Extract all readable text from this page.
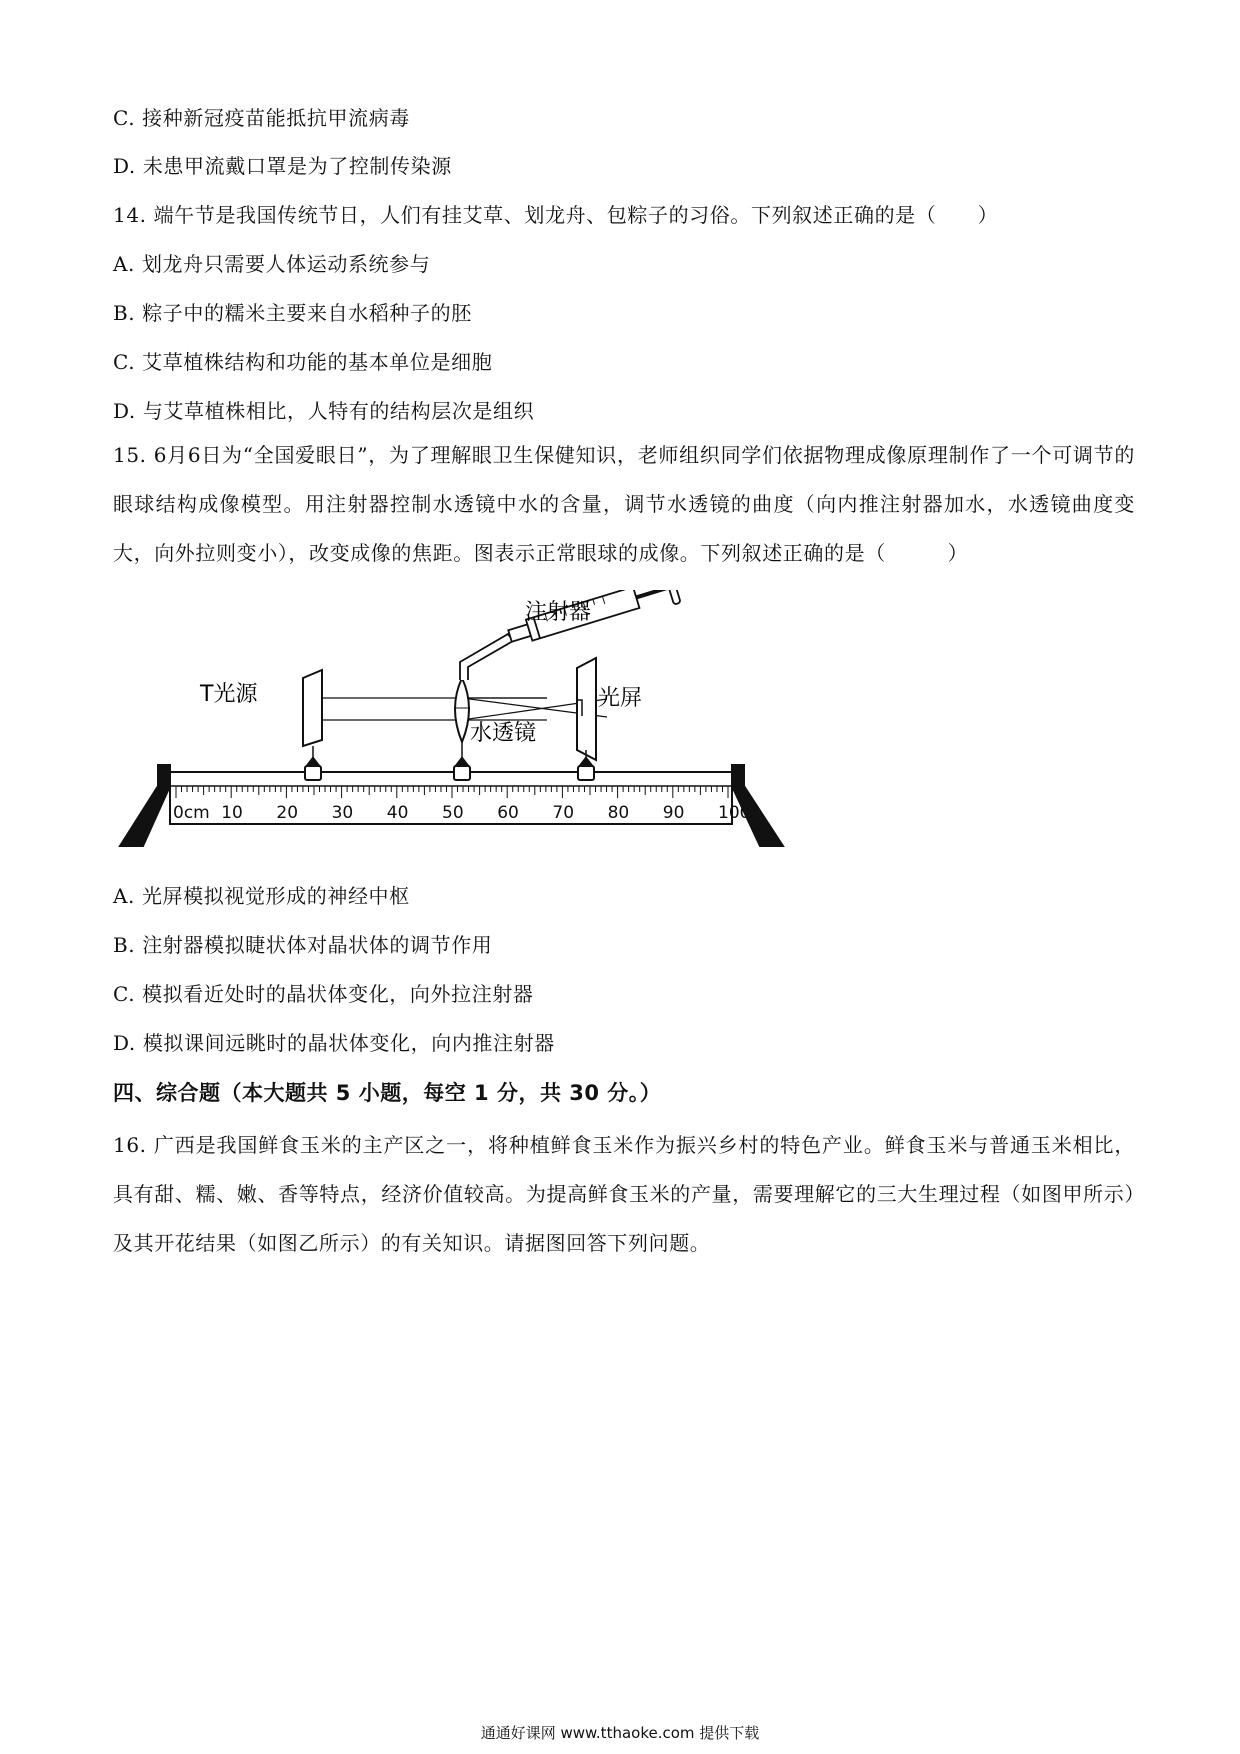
C. 接种新冠疫苗能抵抗甲流病毒
D. 未患甲流戴口罩是为了控制传染源
14. 端午节是我国传统节日，人们有挂艾草、划龙舟、包粽子的习俗。下列叙述正确的是（　　）
A. 划龙舟只需要人体运动系统参与
B. 粽子中的糯米主要来自水稻种子的胚
C. 艾草植株结构和功能的基本单位是细胞
D. 与艾草植株相比，人特有的结构层次是组织
15. 6月6日为“全国爱眼日”，为了理解眼卫生保健知识，老师组织同学们依据物理成像原理制作了一个可调节的眼球结构成像模型。用注射器控制水透镜中水的含量，调节水透镜的曲度（向内推注射器加水，水透镜曲度变大，向外拉则变小），改变成像的焦距。图表示正常眼球的成像。下列叙述正确的是（　　　）
0cm 10 20 30 40 50 60 70 80 90 100
T光源	光屏
水透镜
注射器
A. 光屏模拟视觉形成的神经中枢
B. 注射器模拟睫状体对晶状体的调节作用
C. 模拟看近处时的晶状体变化，向外拉注射器
D. 模拟课间远眺时的晶状体变化，向内推注射器
四、综合题（本大题共 5 小题，每空 1 分，共 30 分。）
16. 广西是我国鲜食玉米的主产区之一，将种植鲜食玉米作为振兴乡村的特色产业。鲜食玉米与普通玉米相比，具有甜、糯、嫩、香等特点，经济价值较高。为提高鲜食玉米的产量，需要理解它的三大生理过程（如图甲所示）及其开花结果（如图乙所示）的有关知识。请据图回答下列问题。
通通好课网 www.tthaoke.com 提供下载
